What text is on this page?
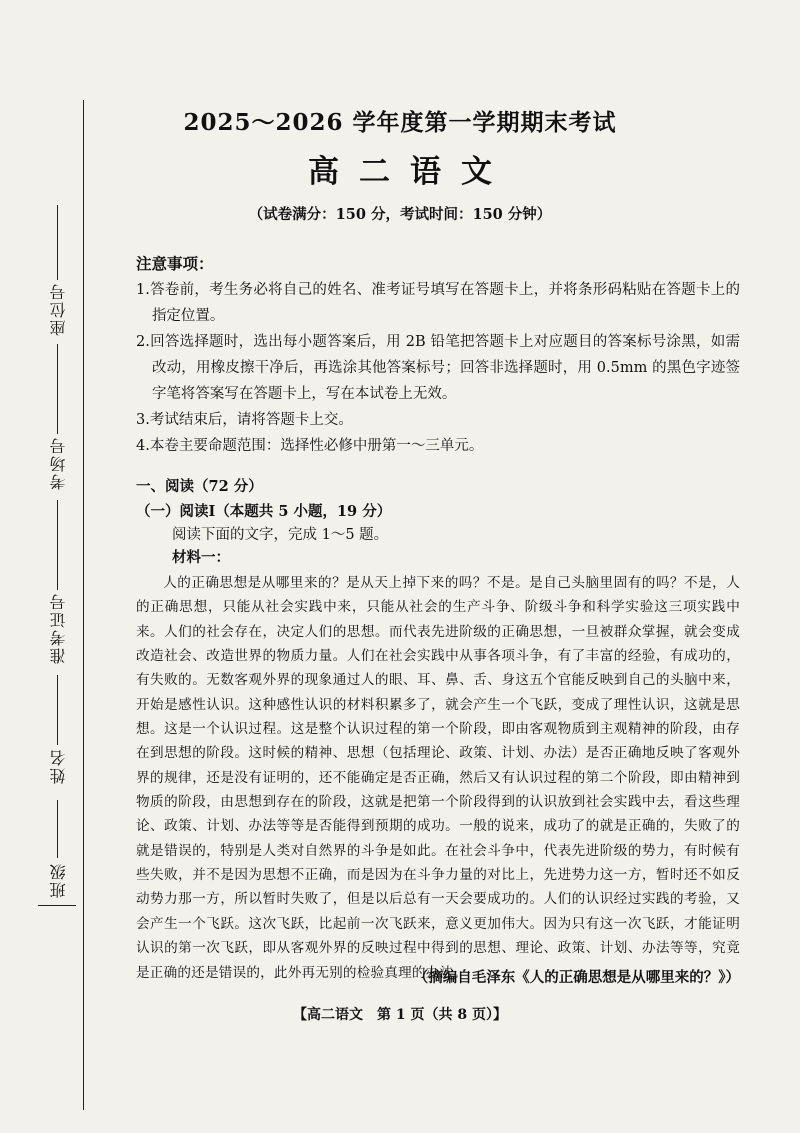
座位号
考场号
准考证号
姓名
班级
2025～2026 学年度第一学期期末考试
高二语文
（试卷满分：150 分，考试时间：150 分钟）
注意事项：

1.答卷前，考生务必将自己的姓名、准考证号填写在答题卡上，并将条形码粘贴在答题卡上的指定位置。

2.回答选择题时，选出每小题答案后，用 2B 铅笔把答题卡上对应题目的答案标号涂黑，如需改动，用橡皮擦干净后，再选涂其他答案标号；回答非选择题时，用 0.5mm 的黑色字迹签字笔将答案写在答题卡上，写在本试卷上无效。

3.考试结束后，请将答题卡上交。

4.本卷主要命题范围：选择性必修中册第一～三单元。

一、阅读（72 分）
（一）阅读Ⅰ（本题共 5 小题，19 分）
阅读下面的文字，完成 1～5 题。
材料一：
人的正确思想是从哪里来的？是从天上掉下来的吗？不是。是自己头脑里固有的吗？不是，人的正确思想，只能从社会实践中来，只能从社会的生产斗争、阶级斗争和科学实验这三项实践中来。人们的社会存在，决定人们的思想。而代表先进阶级的正确思想，一旦被群众掌握，就会变成改造社会、改造世界的物质力量。人们在社会实践中从事各项斗争，有了丰富的经验，有成功的，有失败的。无数客观外界的现象通过人的眼、耳、鼻、舌、身这五个官能反映到自己的头脑中来，开始是感性认识。这种感性认识的材料积累多了，就会产生一个飞跃，变成了理性认识，这就是思想。这是一个认识过程。这是整个认识过程的第一个阶段，即由客观物质到主观精神的阶段，由存在到思想的阶段。这时候的精神、思想（包括理论、政策、计划、办法）是否正确地反映了客观外界的规律，还是没有证明的，还不能确定是否正确，然后又有认识过程的第二个阶段，即由精神到物质的阶段，由思想到存在的阶段，这就是把第一个阶段得到的认识放到社会实践中去，看这些理论、政策、计划、办法等等是否能得到预期的成功。一般的说来，成功了的就是正确的，失败了的就是错误的，特别是人类对自然界的斗争是如此。在社会斗争中，代表先进阶级的势力，有时候有些失败，并不是因为思想不正确，而是因为在斗争力量的对比上，先进势力这一方，暂时还不如反动势力那一方，所以暂时失败了，但是以后总有一天会要成功的。人们的认识经过实践的考验，又会产生一个飞跃。这次飞跃，比起前一次飞跃来，意义更加伟大。因为只有这一次飞跃，才能证明认识的第一次飞跃，即从客观外界的反映过程中得到的思想、理论、政策、计划、办法等等，究竟是正确的还是错误的，此外再无别的检验真理的办法。
（摘编自毛泽东《人的正确思想是从哪里来的？》）
【高二语文　第 1 页（共 8 页）】
